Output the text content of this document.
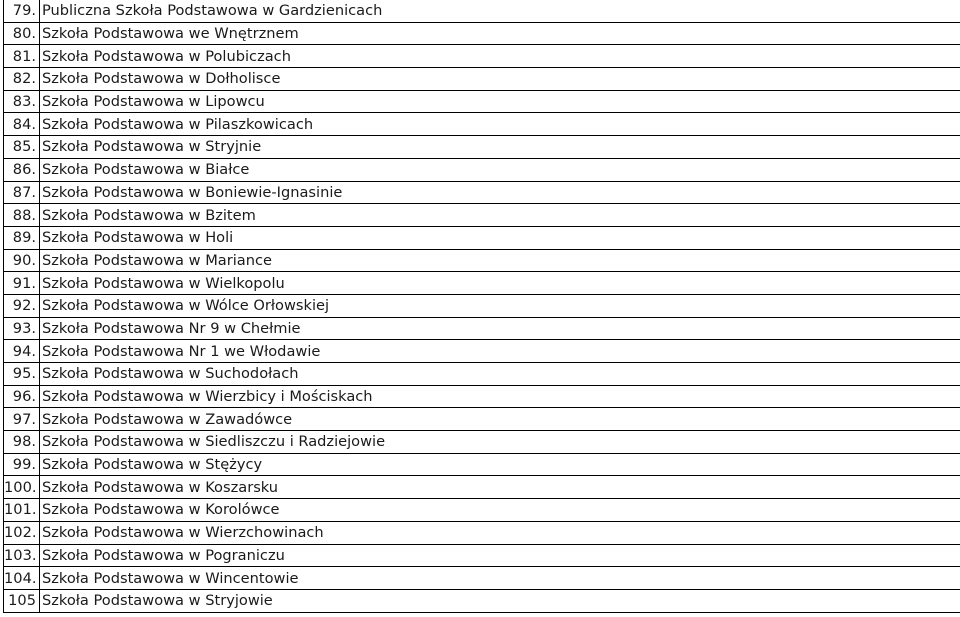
79.	Publiczna Szkoła Podstawowa w Gardzienicach
80.	Szkoła Podstawowa we Wnętrznem
81.	Szkoła Podstawowa w Polubiczach
82.	Szkoła Podstawowa w Dołholisce
83.	Szkoła Podstawowa w Lipowcu
84.	Szkoła Podstawowa w Pilaszkowicach
85.	Szkoła Podstawowa w Stryjnie
86.	Szkoła Podstawowa w Białce
87.	Szkoła Podstawowa w Boniewie-Ignasinie
88.	Szkoła Podstawowa w Bzitem
89.	Szkoła Podstawowa w Holi
90.	Szkoła Podstawowa w Mariance
91.	Szkoła Podstawowa w Wielkopolu
92.	Szkoła Podstawowa w Wólce Orłowskiej
93.	Szkoła Podstawowa Nr 9 w Chełmie
94.	Szkoła Podstawowa Nr 1 we Włodawie
95.	Szkoła Podstawowa w Suchodołach
96.	Szkoła Podstawowa w Wierzbicy i Mościskach
97.	Szkoła Podstawowa w Zawadówce
98.	Szkoła Podstawowa w Siedliszczu i Radziejowie
99.	Szkoła Podstawowa w Stężycy
100.	Szkoła Podstawowa w Koszarsku
101.	Szkoła Podstawowa w Korolówce
102.	Szkoła Podstawowa w Wierzchowinach
103.	Szkoła Podstawowa w Pograniczu
104.	Szkoła Podstawowa w Wincentowie
105	Szkoła Podstawowa w Stryjowie
